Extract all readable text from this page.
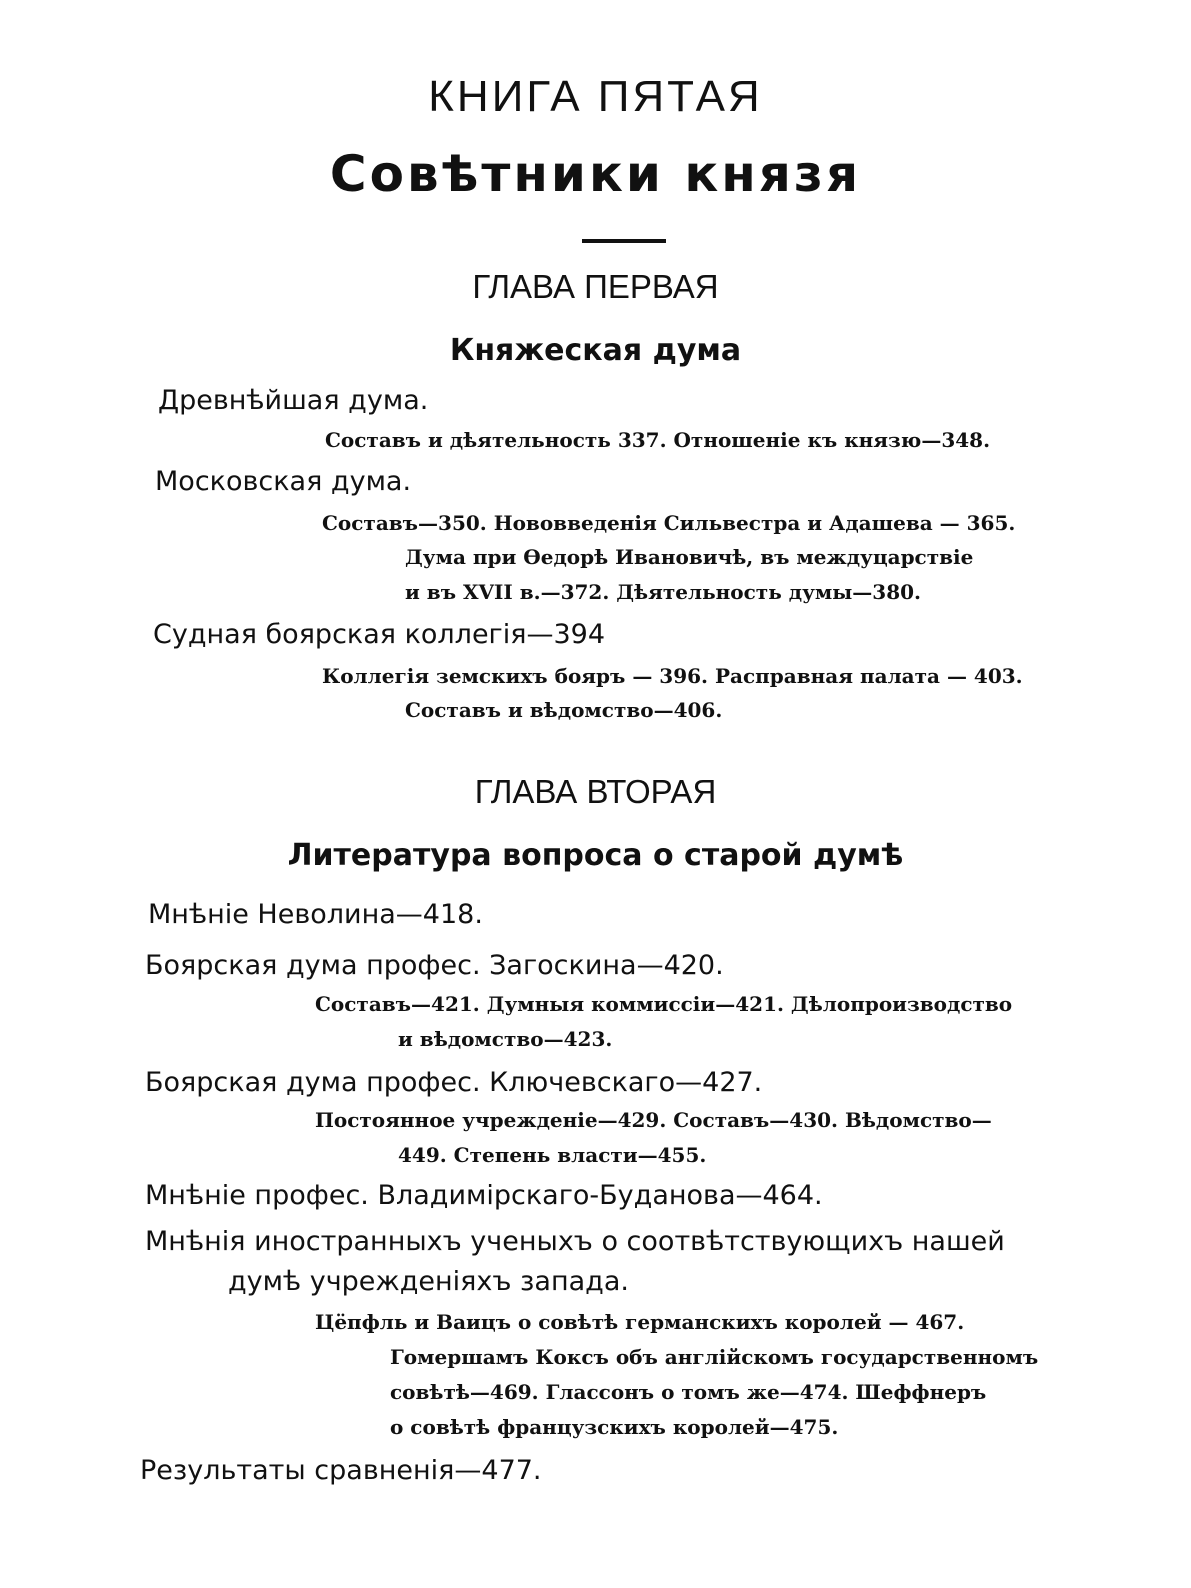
КНИГА ПЯТАЯ
Совѣтники князя
ГЛАВА ПЕРВАЯ
Княжеская дума
Древнѣйшая дума.
Составъ и дѣятельность 337. Отношеніе къ князю—348.
Московская дума.
Составъ—350. Нововведенія Сильвестра и Адашева — 365.
Дума при Ѳедорѣ Ивановичѣ, въ междуцарствіе
и въ XVII в.—372. Дѣятельность думы—380.
Судная боярская коллегія—394
Коллегія земскихъ бояръ — 396. Расправная палата — 403.
Составъ и вѣдомство—406.
ГЛАВА ВТОРАЯ
Литература вопроса о старой думѣ
Мнѣніе Неволина—418.
Боярская дума профес. Загоскина—420.
Составъ—421. Думныя коммиссіи—421. Дѣлопроизводство
и вѣдомство—423.
Боярская дума профес. Ключевскаго—427.
Постоянное учрежденіе—429. Составъ—430. Вѣдомство—
449. Степень власти—455.
Мнѣніе профес. Владимірскаго-Буданова—464.
Мнѣнія иностранныхъ ученыхъ о соотвѣтствующихъ нашей
думѣ учрежденіяхъ запада.
Цёпфль и Ваицъ о совѣтѣ германскихъ королей — 467.
Гомершамъ Коксъ объ англійскомъ государственномъ
совѣтѣ—469. Глассонъ о томъ же—474. Шеффнеръ
о совѣтѣ французскихъ королей—475.
Результаты сравненія—477.
